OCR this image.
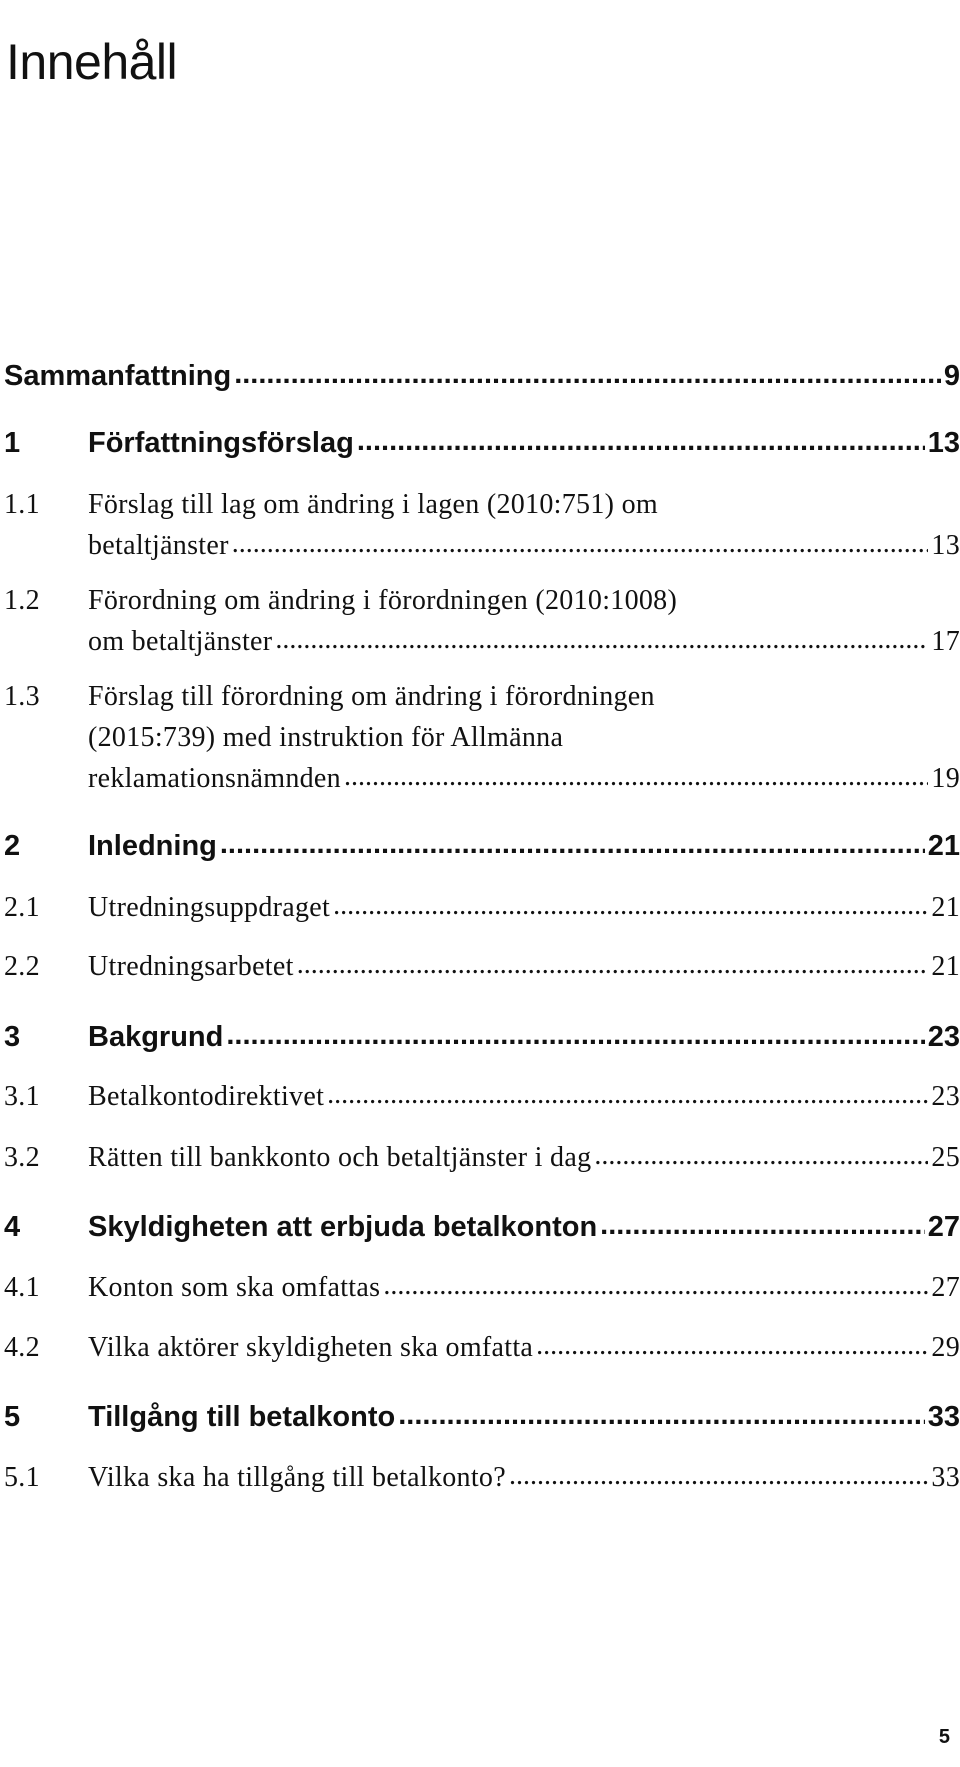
Innehåll
Sammanfattning .....	9
1	Författningsförslag .....	13
1.1	Förslag till lag om ändring i lagen (2010:751) om
betaltjänster .....	13
1.2	Förordning om ändring i förordningen (2010:1008)
om betaltjänster .....	17
1.3	Förslag till förordning om ändring i förordningen
(2015:739) med instruktion för Allmänna
reklamationsnämnden .....	19
2	Inledning .....	21
2.1	Utredningsuppdraget .....	21
2.2	Utredningsarbetet .....	21
3	Bakgrund .....	23
3.1	Betalkontodirektivet .....	23
3.2	Rätten till bankkonto och betaltjänster i dag .....	25
4	Skyldigheten att erbjuda betalkonton .....	27
4.1	Konton som ska omfattas .....	27
4.2	Vilka aktörer skyldigheten ska omfatta .....	29
5	Tillgång till betalkonto .....	33
5.1	Vilka ska ha tillgång till betalkonto? .....	33
5
